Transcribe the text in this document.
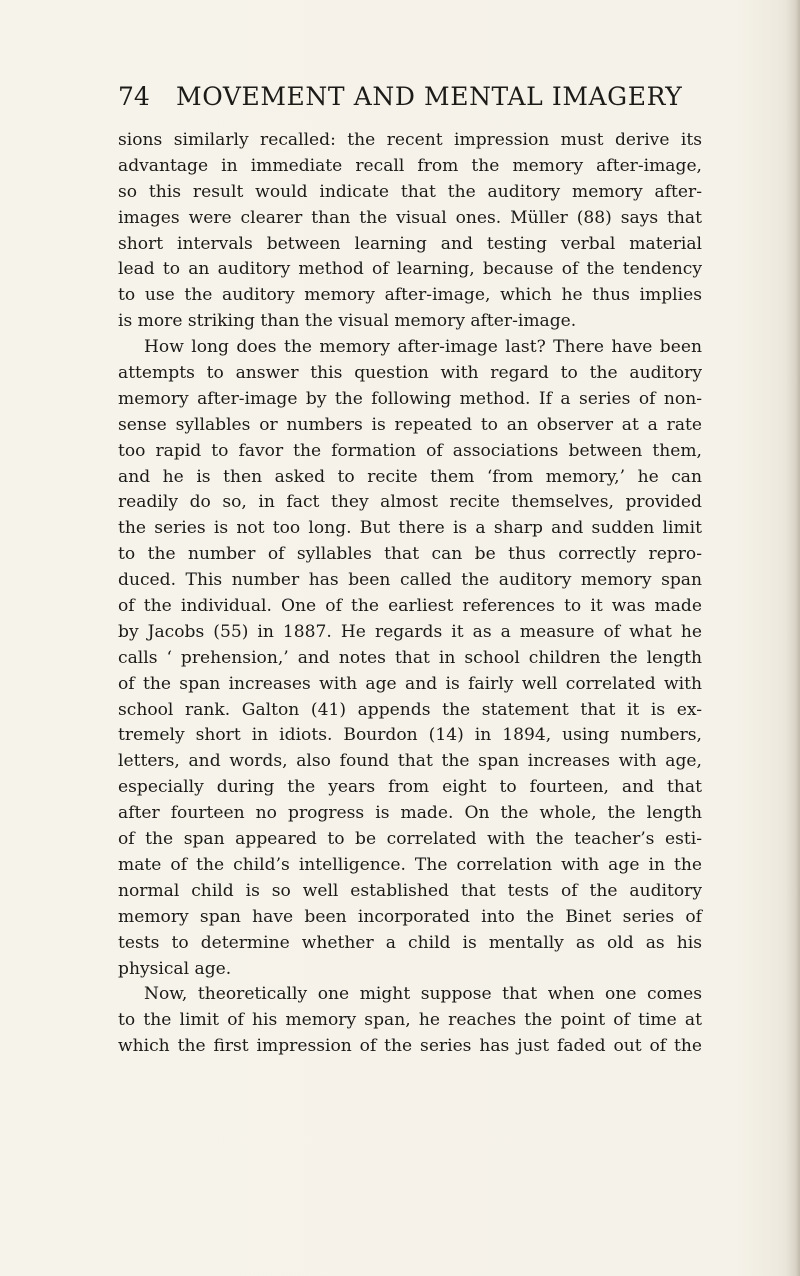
74 MOVEMENT AND MENTAL IMAGERY
sions similarly recalled: the recent impression must derive its
advantage in immediate recall from the memory after-image,
so this result would indicate that the auditory memory after-
images were clearer than the visual ones. Müller (88) says that
short intervals between learning and testing verbal material
lead to an auditory method of learning, because of the tendency
to use the auditory memory after-image, which he thus implies
is more striking than the visual memory after-image.
How long does the memory after-image last? There have been
attempts to answer this question with regard to the auditory
memory after-image by the following method. If a series of non-
sense syllables or numbers is repeated to an observer at a rate
too rapid to favor the formation of associations between them,
and he is then asked to recite them ‘from memory,’ he can
readily do so, in fact they almost recite themselves, provided
the series is not too long. But there is a sharp and sudden limit
to the number of syllables that can be thus correctly repro-
duced. This number has been called the auditory memory span
of the individual. One of the earliest references to it was made
by Jacobs (55) in 1887. He regards it as a measure of what he
calls ‘ prehension,’ and notes that in school children the length
of the span increases with age and is fairly well correlated with
school rank. Galton (41) appends the statement that it is ex-
tremely short in idiots. Bourdon (14) in 1894, using numbers,
letters, and words, also found that the span increases with age,
especially during the years from eight to fourteen, and that
after fourteen no progress is made. On the whole, the length
of the span appeared to be correlated with the teacher’s esti-
mate of the child’s intelligence. The correlation with age in the
normal child is so well established that tests of the auditory
memory span have been incorporated into the Binet series of
tests to determine whether a child is mentally as old as his
physical age.
Now, theoretically one might suppose that when one comes
to the limit of his memory span, he reaches the point of time at
which the first impression of the series has just faded out of the
